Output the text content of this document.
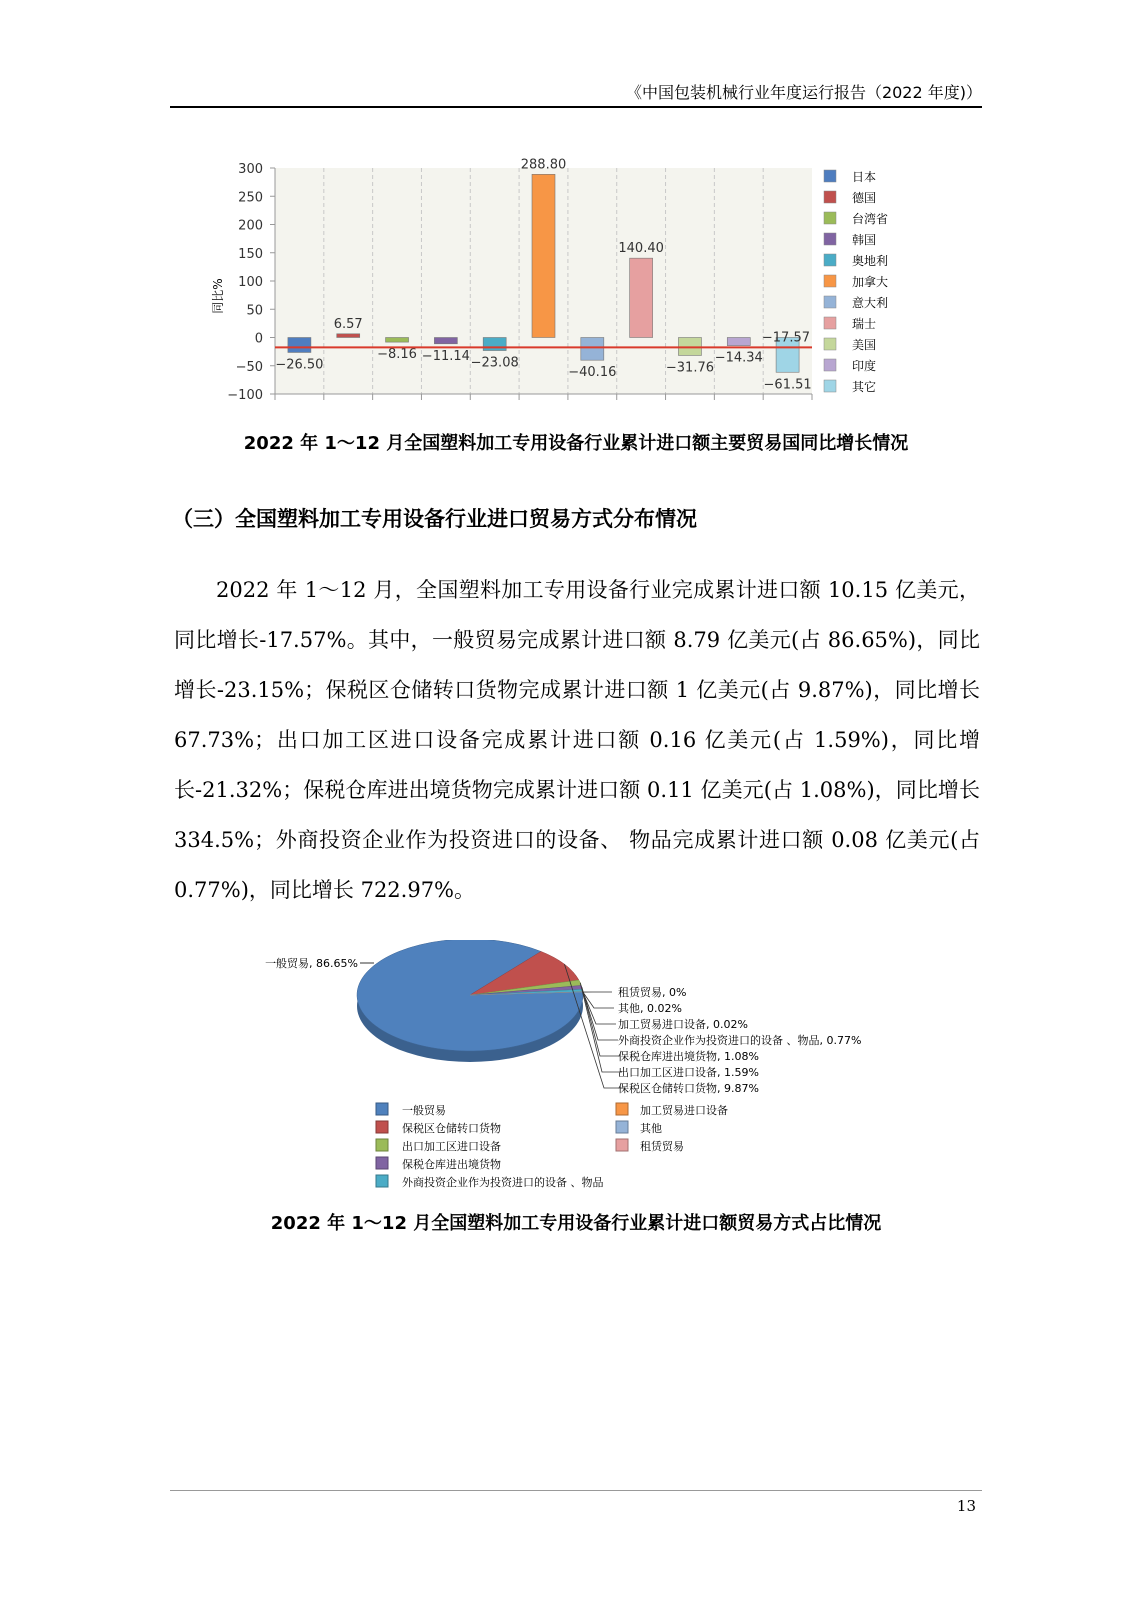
《中国包装机械行业年度运行报告（2022 年度)）
300
250
200
150
100
50
0
−50
−100
同比%
−26.50
6.57
−8.16 −11.14 −23.08
288.80
−40.16
140.40
−31.76
−14.34
−61.51
−17.57
日本
德国
台湾省
韩国
奥地利
加拿大
意大利
瑞士
美国
印度
其它
2022 年 1～12 月全国塑料加工专用设备行业累计进口额主要贸易国同比增长情况
（三）全国塑料加工专用设备行业进口贸易方式分布情况

2022 年 1～12 月，全国塑料加工专用设备行业完成累计进口额 10.15 亿美元，同比增长-17.57%。其中，一般贸易完成累计进口额 8.79 亿美元(占 86.65%)，同比增长-23.15%；保税区仓储转口货物完成累计进口额 1 亿美元(占 9.87%)，同比增长 67.73%；出口加工区进口设备完成累计进口额 0.16 亿美元(占 1.59%)，同比增长-21.32%；保税仓库进出境货物完成累计进口额 0.11 亿美元(占 1.08%)，同比增长 334.5%；外商投资企业作为投资进口的设备、 物品完成累计进口额 0.08 亿美元(占 0.77%)，同比增长 722.97%。

一般贸易, 86.65%
租赁贸易, 0%
其他, 0.02%
加工贸易进口设备, 0.02%
外商投资企业作为投资进口的设备 、物品, 0.77%
保税仓库进出境货物, 1.08%
出口加工区进口设备, 1.59%
保税区仓储转口货物, 9.87%
一般贸易
保税区仓储转口货物
出口加工区进口设备
保税仓库进出境货物
外商投资企业作为投资进口的设备 、物品
加工贸易进口设备
其他
租赁贸易
2022 年 1～12 月全国塑料加工专用设备行业累计进口额贸易方式占比情况
13
